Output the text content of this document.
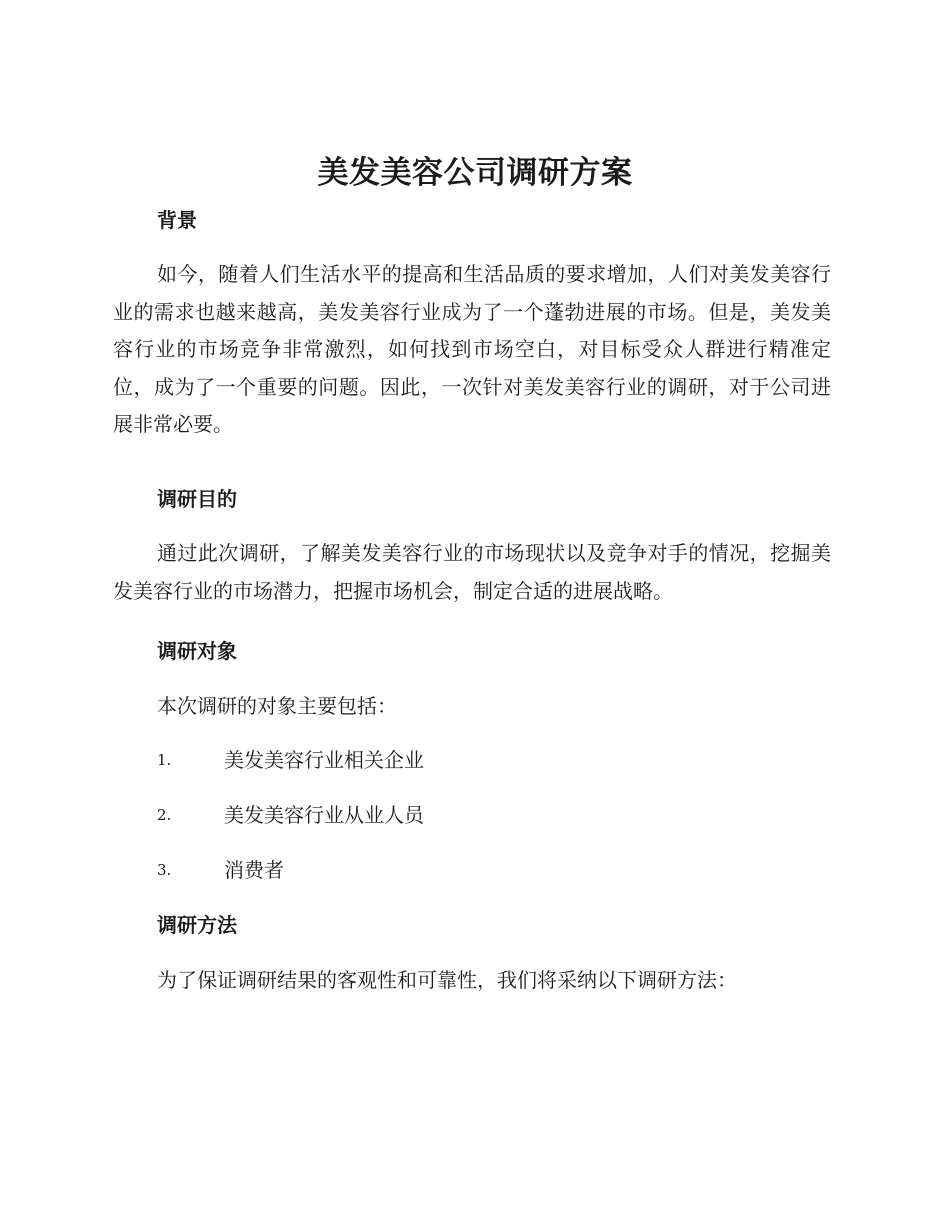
美发美容公司调研方案
背景
如今，随着人们生活水平的提高和生活品质的要求增加，人们对美发美容行业的需求也越来越高，美发美容行业成为了一个蓬勃进展的市场。但是，美发美容行业的市场竞争非常激烈，如何找到市场空白，对目标受众人群进行精准定位，成为了一个重要的问题。因此，一次针对美发美容行业的调研，对于公司进展非常必要。
调研目的
通过此次调研，了解美发美容行业的市场现状以及竞争对手的情况，挖掘美发美容行业的市场潜力，把握市场机会，制定合适的进展战略。
调研对象
本次调研的对象主要包括：
1.	美发美容行业相关企业
2.	美发美容行业从业人员
3.	消费者
调研方法
为了保证调研结果的客观性和可靠性，我们将采纳以下调研方法：
